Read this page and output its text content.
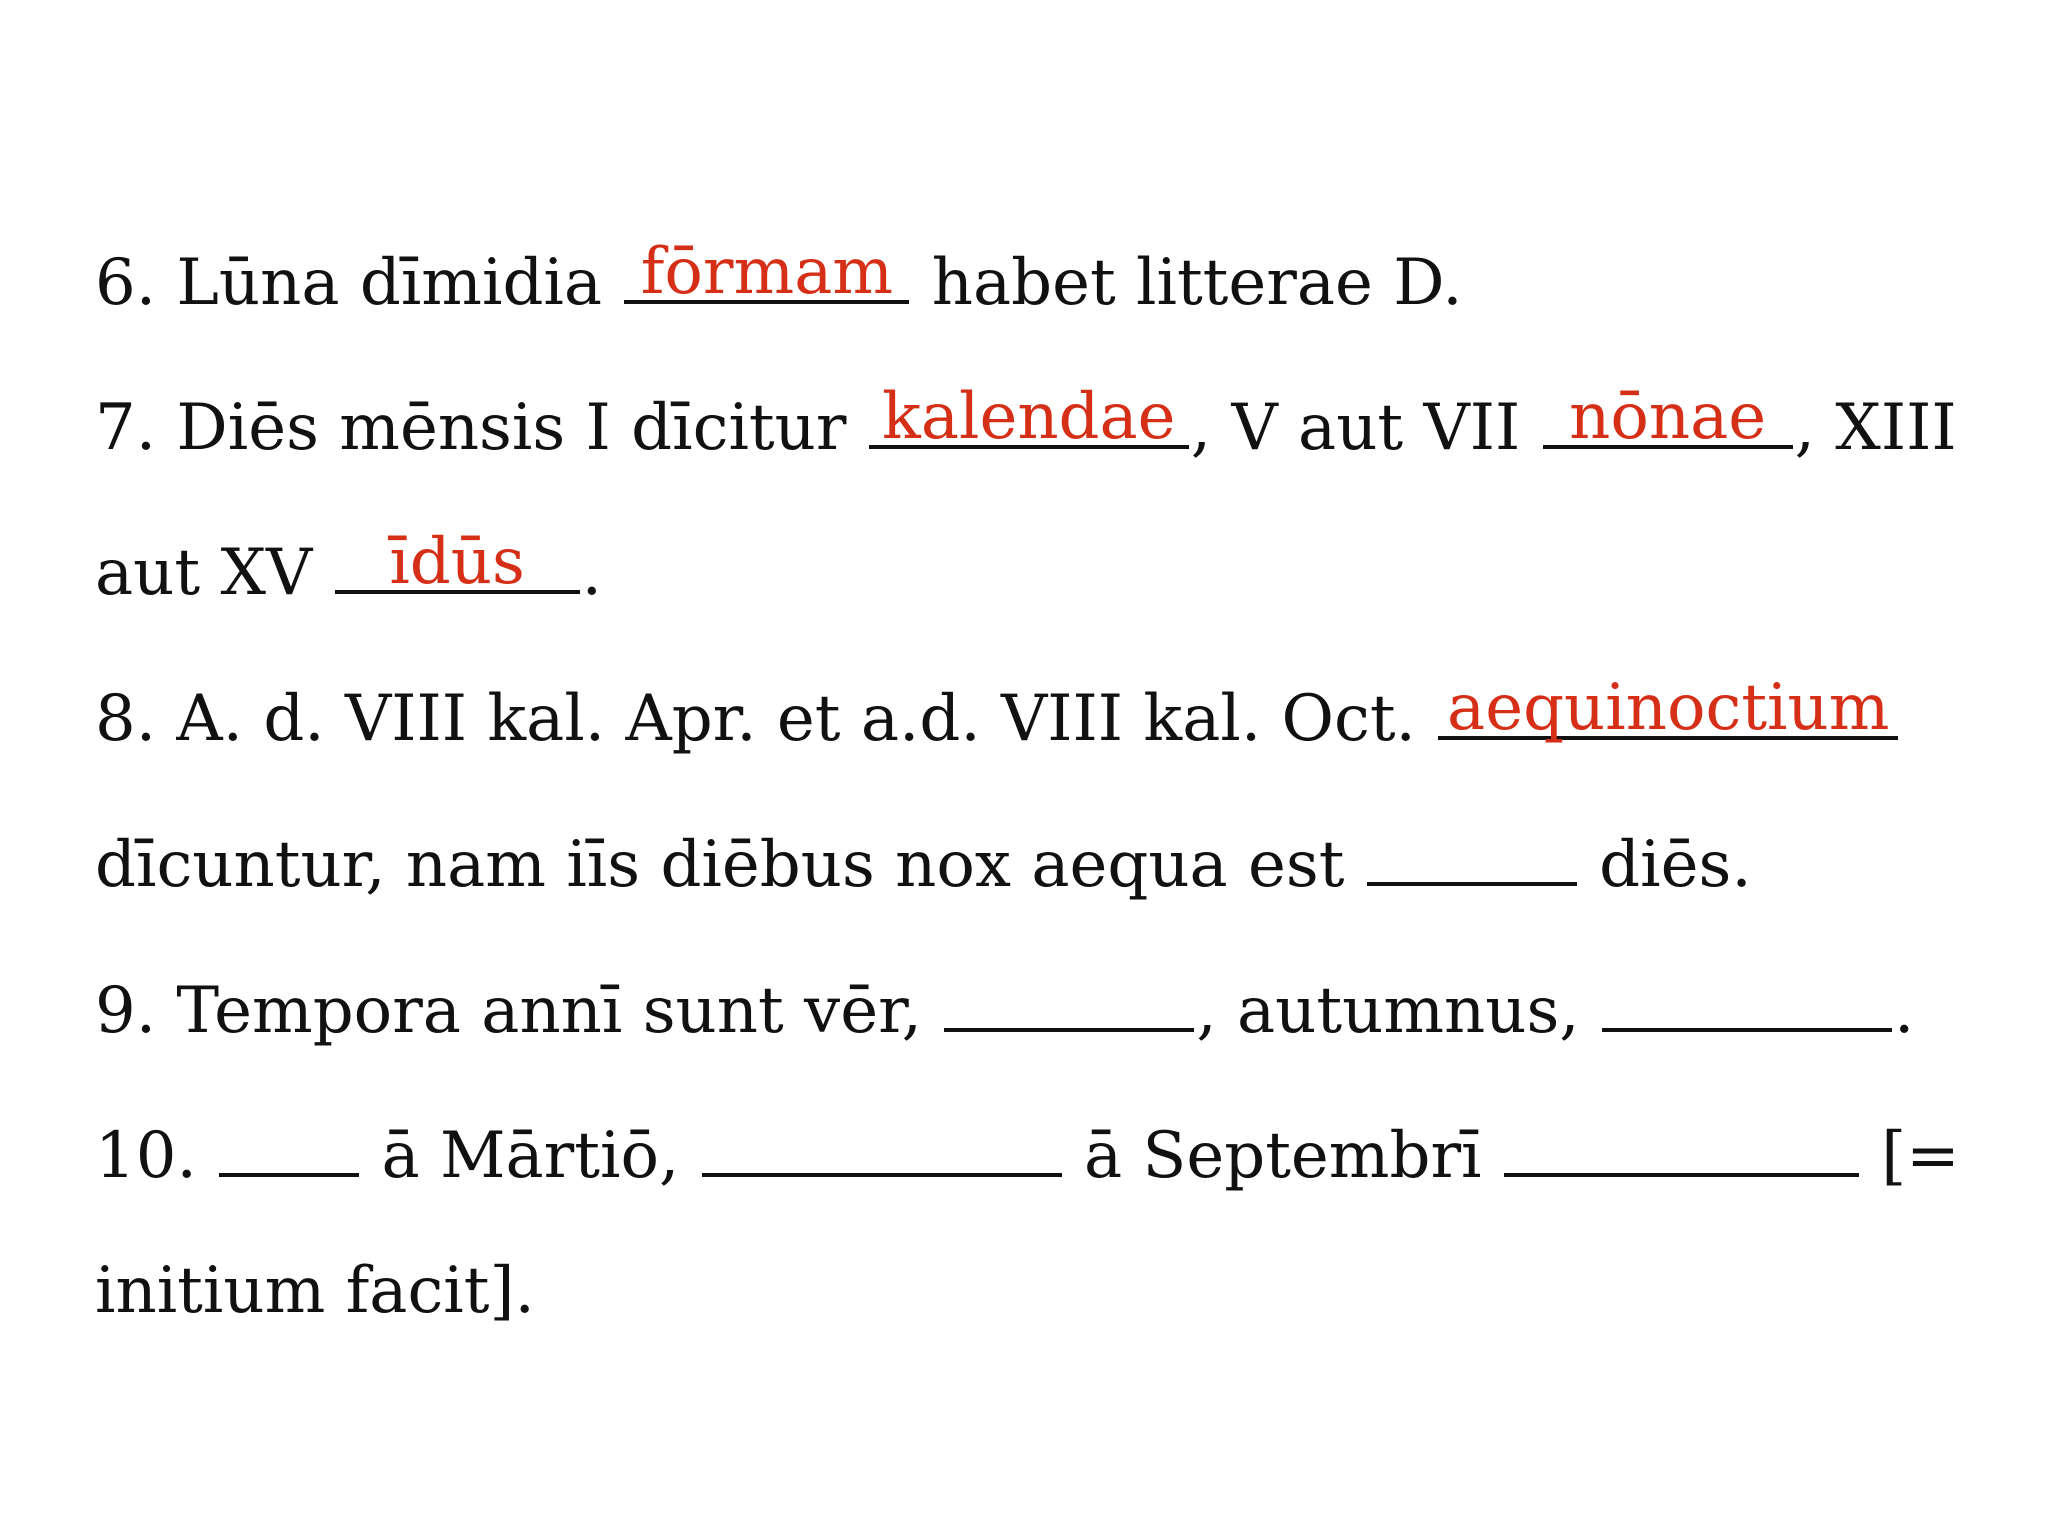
6. Lūna dīmidia fōrmam habet litterae D.
7. Diēs mēnsis I dīcitur kalendae , V aut VII nōnae , XIII
aut XV	īdūs .
8. A. d. VIII kal. Apr. et a.d. VIII kal. Oct. aequinoctium
dīcuntur, nam iīs diēbus nox aequa est	diēs.
9. Tempora annī sunt vēr,	, autumnus,	.
10.	ā Mārtiō,	ā Septembrī	[=
initium facit].
